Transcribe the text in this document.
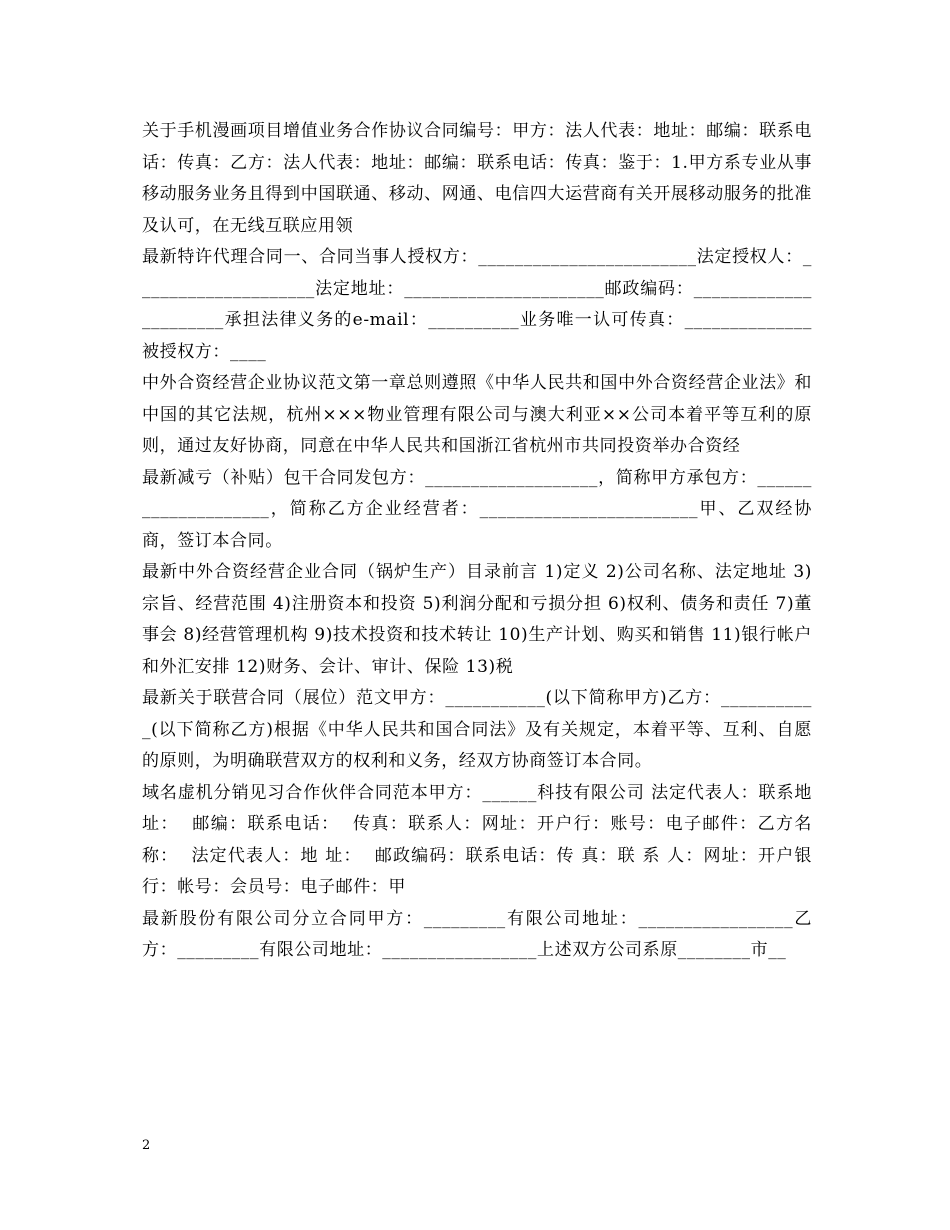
关于手机漫画项目增值业务合作协议合同编号：甲方：法人代表：地址：邮编：联系电话：传真：乙方：法人代表：地址：邮编：联系电话：传真：鉴于：1.甲方系专业从事移动服务业务且得到中国联通、移动、网通、电信四大运营商有关开展移动服务的批准及认可，在无线互联应用领

最新特许代理合同一、合同当事人授权方：________________________法定授权人：____________________法定地址：______________________邮政编码：______________________承担法律义务的e-mail：__________业务唯一认可传真：______________被授权方：____

中外合资经营企业协议范文第一章总则遵照《中华人民共和国中外合资经营企业法》和中国的其它法规，杭州×××物业管理有限公司与澳大利亚××公司本着平等互利的原则，通过友好协商，同意在中华人民共和国浙江省杭州市共同投资举办合资经

最新减亏（补贴）包干合同发包方：___________________，简称甲方承包方：____________________，简称乙方企业经营者：________________________甲、乙双经协商，签订本合同。

最新中外合资经营企业合同（锅炉生产）目录前言 1)定义 2)公司名称、法定地址 3)宗旨、经营范围 4)注册资本和投资 5)利润分配和亏损分担 6)权利、债务和责任 7)董事会 8)经营管理机构 9)技术投资和技术转让 10)生产计划、购买和销售 11)银行帐户和外汇安排 12)财务、会计、审计、保险 13)税

最新关于联营合同（展位）范文甲方：___________(以下简称甲方)乙方：___________(以下简称乙方)根据《中华人民共和国合同法》及有关规定，本着平等、互利、自愿的原则，为明确联营双方的权利和义务，经双方协商签订本合同。

域名虚机分销见习合作伙伴合同范本甲方：______科技有限公司 法定代表人：联系地址：  邮编：联系电话：  传真：联系人：网址：开户行：账号：电子邮件：乙方名称：  法定代表人：地 址：  邮政编码：联系电话：传 真：联 系 人：网址：开户银行：帐号：会员号：电子邮件：甲

最新股份有限公司分立合同甲方：_________有限公司地址：_________________乙方：_________有限公司地址：_________________上述双方公司系原________市__

2
